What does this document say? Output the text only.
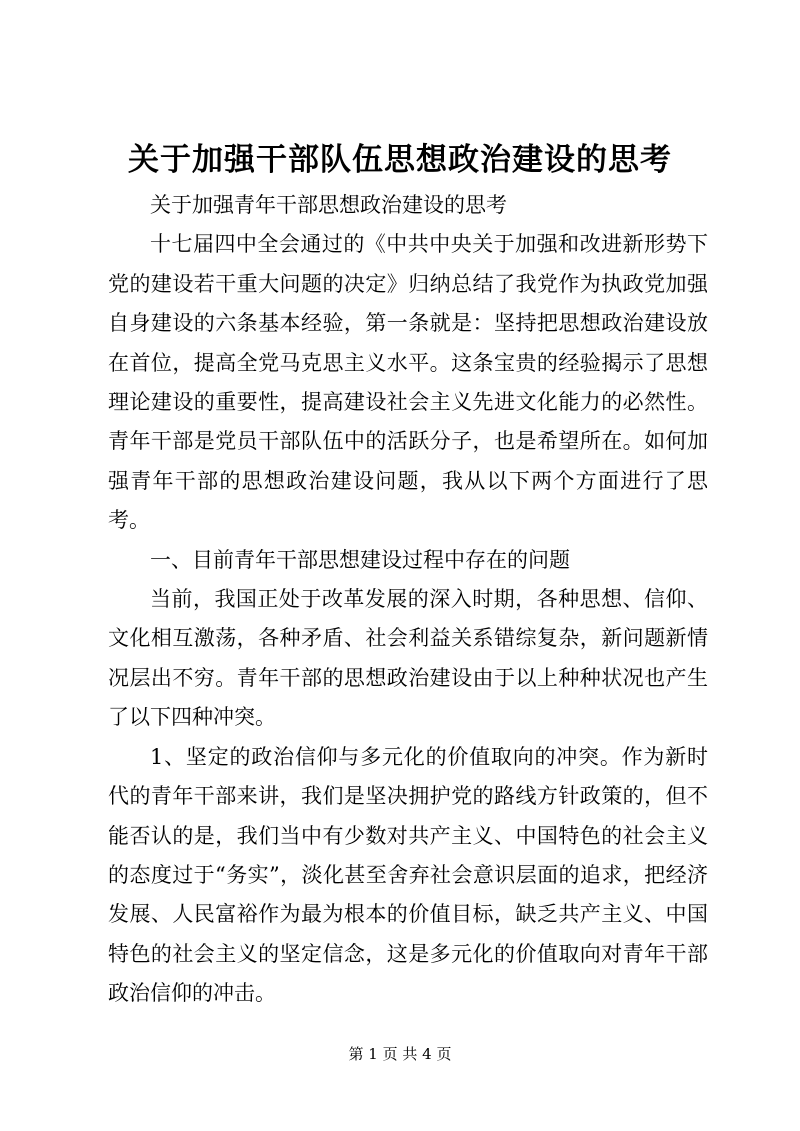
关于加强干部队伍思想政治建设的思考

关于加强青年干部思想政治建设的思考

十七届四中全会通过的《中共中央关于加强和改进新形势下党的建设若干重大问题的决定》归纳总结了我党作为执政党加强自身建设的六条基本经验，第一条就是：坚持把思想政治建设放在首位，提高全党马克思主义水平。这条宝贵的经验揭示了思想理论建设的重要性，提高建设社会主义先进文化能力的必然性。青年干部是党员干部队伍中的活跃分子，也是希望所在。如何加强青年干部的思想政治建设问题，我从以下两个方面进行了思考。

一、目前青年干部思想建设过程中存在的问题

当前，我国正处于改革发展的深入时期，各种思想、信仰、文化相互激荡，各种矛盾、社会利益关系错综复杂，新问题新情况层出不穷。青年干部的思想政治建设由于以上种种状况也产生了以下四种冲突。

1、坚定的政治信仰与多元化的价值取向的冲突。作为新时代的青年干部来讲，我们是坚决拥护党的路线方针政策的，但不能否认的是，我们当中有少数对共产主义、中国特色的社会主义的态度过于“务实”，淡化甚至舍弃社会意识层面的追求，把经济发展、人民富裕作为最为根本的价值目标，缺乏共产主义、中国特色的社会主义的坚定信念，这是多元化的价值取向对青年干部政治信仰的冲击。

第 1 页 共 4 页
